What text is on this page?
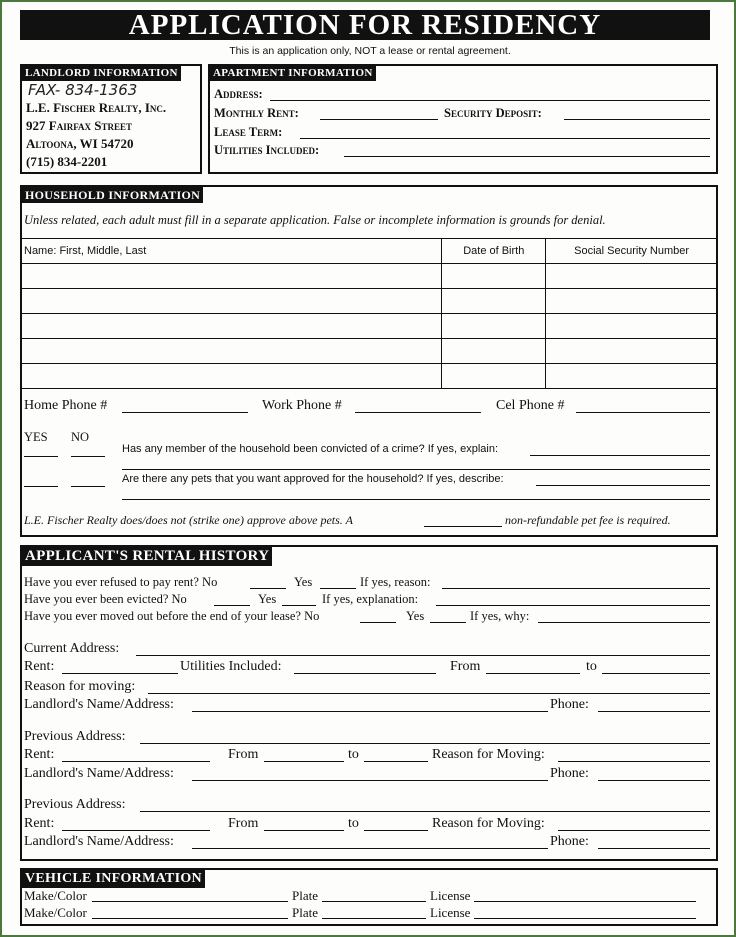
APPLICATION FOR RESIDENCY
This is an application only, NOT a lease or rental agreement.
LANDLORD INFORMATION
FAX- 834-1363
L.E. Fischer Realty, Inc.
927 Fairfax Street
Altoona, WI 54720
(715) 834-2201
APARTMENT INFORMATION
Address:
Monthly Rent:	Security Deposit:
Lease Term:
Utilities Included:
HOUSEHOLD INFORMATION
Unless related, each adult must fill in a separate application. False or incomplete information is grounds for denial.
Name: First, Middle, Last	Date of Birth	Social Security Number

Home Phone #	Work Phone #	Cel Phone #
YES NO
Has any member of the household been convicted of a crime? If yes, explain:
Are there any pets that you want approved for the household? If yes, describe:
L.E. Fischer Realty does/does not (strike one) approve above pets. A	non-refundable pet fee is required.
APPLICANT'S RENTAL HISTORY
Have you ever refused to pay rent? No	Yes	If yes, reason:
Have you ever been evicted? No	Yes	If yes, explanation:
Have you ever moved out before the end of your lease? No	Yes	If yes, why:
Current Address:
Rent:	Utilities Included:	From	to
Reason for moving:
Landlord's Name/Address:	Phone:
Previous Address:
Rent:	From	to	Reason for Moving:
Landlord's Name/Address:	Phone:
Previous Address:
Rent:	From	to	Reason for Moving:
Landlord's Name/Address:	Phone:
VEHICLE INFORMATION
Make/Color	Plate	License
Make/Color	Plate	License
